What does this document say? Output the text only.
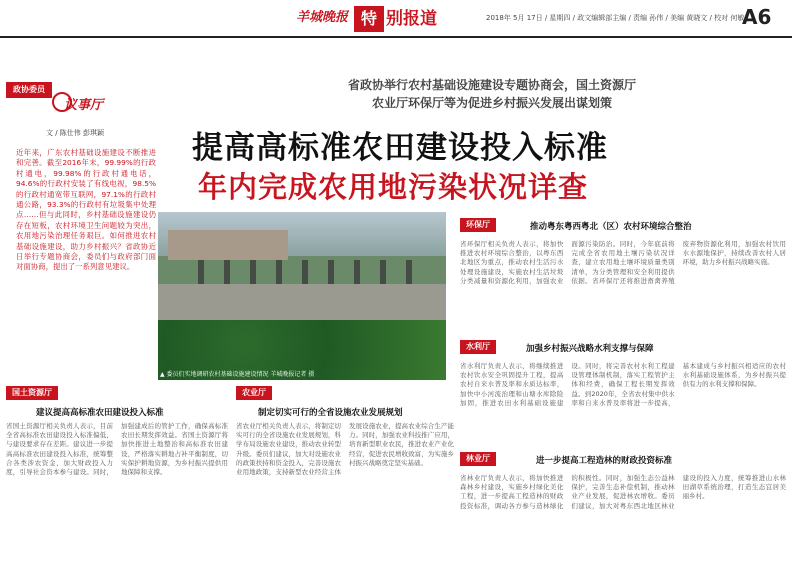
羊城晚报 特 别报道	2018年 5月 17日 / 星期四 / 政文编辑部主编 / 责编 孙伟 / 美编 黄晓文 / 校对 何敏
A6
政协委员
议事厅
文 / 陈仕伟 彭琪颖
近年来，广东农村基础设施建设不断推进和完善。截至2016年末，99.99%的行政村通电，99.98%的行政村通电话，94.6%的行政村安装了有线电视，98.5%的行政村通宽带互联网，97.1%的行政村通公路，93.3%的行政村有垃圾集中处理点……但与此同时，乡村基础设施建设仍存在短板，农村环境卫生问题较为突出，农用地污染治理任务艰巨。如何推进农村基础设施建设，助力乡村振兴？省政协近日举行专题协商会，委员们与政府部门面对面协商，提出了一系列意见建议。
省政协举行农村基础设施建设专题协商会，国土资源厅
农业厅环保厅等为促进乡村振兴发展出谋划策
提高高标准农田建设投入标准
年内完成农用地污染状况详查
▲ 委员们实地调研农村基础设施建设情况 羊城晚报记者 摄
环保厅	推动粤东粤西粤北（区）农村环境综合整治
省环保厅相关负责人表示，将加快推进农村环境综合整治，以粤东西北地区为重点，推动农村生活污水处理设施建设，实施农村生活垃圾分类减量和资源化利用，加强农业面源污染防治。同时，今年底前将完成全省农用地土壤污染状况详查，建立农用地土壤环境质量类别清单，为分类管理和安全利用提供依据。省环保厅还将推进畜禽养殖废弃物资源化利用，加强农村饮用水水源地保护，持续改善农村人居环境，助力乡村振兴战略实施。
水利厅	加强乡村振兴战略水利支撑与保障
省水利厅负责人表示，将继续推进农村饮水安全巩固提升工程，提高农村自来水普及率和水质达标率，加快中小河流治理和山塘水库除险加固，推进农田水利基础设施建设。同时，将完善农村水利工程建设管理体制机制，落实工程管护主体和经费，确保工程长期发挥效益。到2020年，全省农村集中供水率和自来水普及率将进一步提高，基本建成与乡村振兴相适应的农村水利基础设施体系，为乡村振兴提供有力的水利支撑和保障。
林业厅	进一步提高工程造林的财政投资标准
省林业厅负责人表示，将加快推进森林乡村建设，实施乡村绿化美化工程，进一步提高工程造林的财政投资标准，调动各方参与造林绿化的积极性。同时，加强生态公益林保护，完善生态补偿机制，推动林业产业发展，促进林农增收。委员们建议，加大对粤东西北地区林业建设的投入力度，统筹推进山水林田湖草系统治理，打造生态宜居美丽乡村。
国土资源厅
建议提高高标准农田建设投入标准
省国土资源厅相关负责人表示，目前全省高标准农田建设投入标准偏低，与建设要求存在差距。建议进一步提高高标准农田建设投入标准，统筹整合各类涉农资金，加大财政投入力度，引导社会资本参与建设。同时，加强建成后的管护工作，确保高标准农田长期发挥效益。省国土资源厅将加快推进土地整治和高标准农田建设，严格落实耕地占补平衡制度，切实保护耕地资源，为乡村振兴提供用地保障和支撑。
农业厅
制定切实可行的全省设施农业发展规划
省农业厅相关负责人表示，将制定切实可行的全省设施农业发展规划，科学布局设施农业建设，推动农业转型升级。委员们建议，加大对设施农业的政策扶持和资金投入，完善设施农业用地政策，支持新型农业经营主体发展设施农业，提高农业综合生产能力。同时，加强农业科技推广应用，培育新型职业农民，推进农业产业化经营，促进农民增收致富，为实施乡村振兴战略奠定坚实基础。
